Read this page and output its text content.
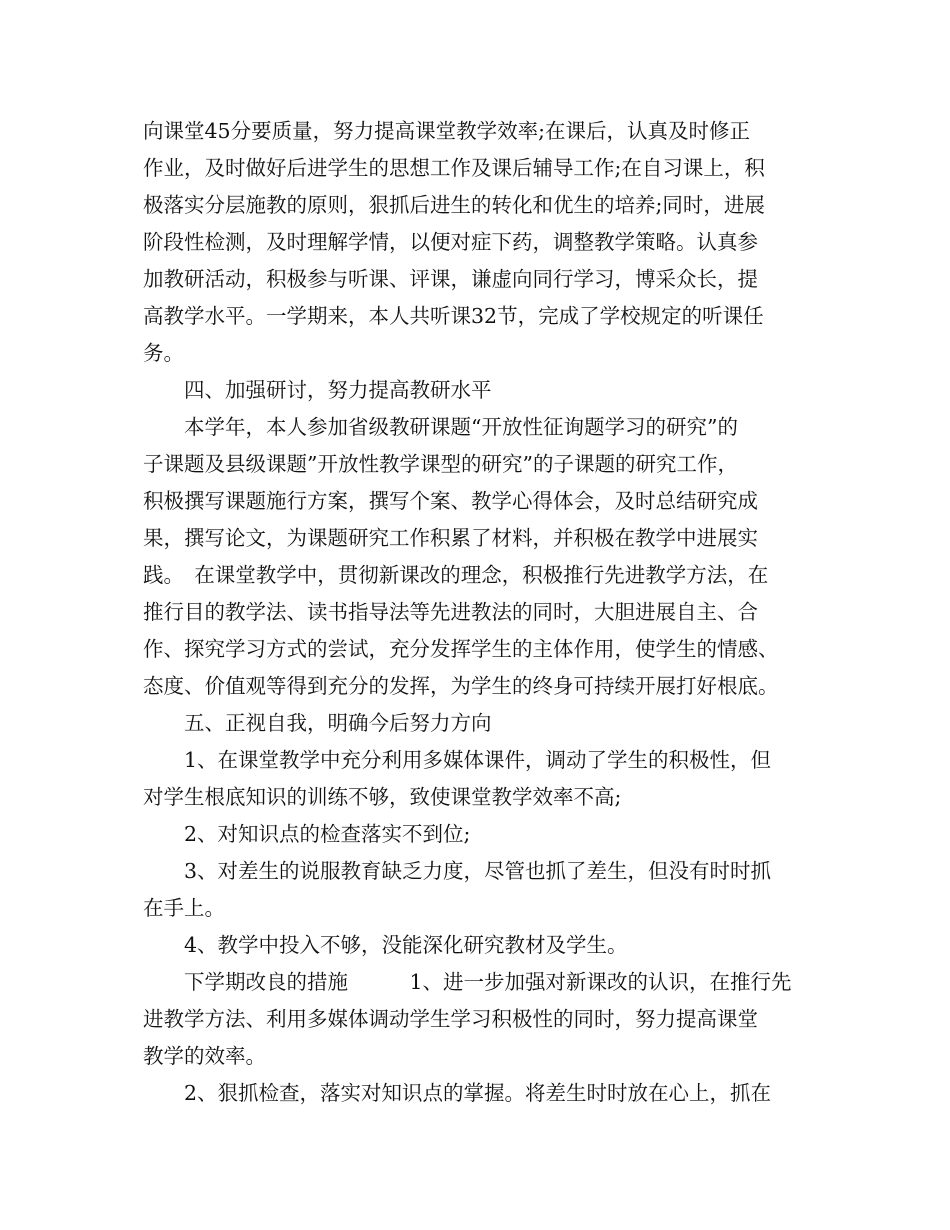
向课堂45分要质量，努力提高课堂教学效率;在课后，认真及时修正
作业，及时做好后进学生的思想工作及课后辅导工作;在自习课上，积
极落实分层施教的原则，狠抓后进生的转化和优生的培养;同时，进展
阶段性检测，及时理解学情，以便对症下药，调整教学策略。认真参
加教研活动，积极参与听课、评课，谦虚向同行学习，博采众长，提
高教学水平。一学期来，本人共听课32节，完成了学校规定的听课任
务。
　　四、加强研讨，努力提高教研水平
　　本学年，本人参加省级教研课题“开放性征询题学习的研究”的
子课题及县级课题”开放性教学课型的研究”的子课题的研究工作，
积极撰写课题施行方案，撰写个案、教学心得体会，及时总结研究成
果，撰写论文，为课题研究工作积累了材料，并积极在教学中进展实
践。　在课堂教学中，贯彻新课改的理念，积极推行先进教学方法，在
推行目的教学法、读书指导法等先进教法的同时，大胆进展自主、合
作、探究学习方式的尝试，充分发挥学生的主体作用，使学生的情感、
态度、价值观等得到充分的发挥，为学生的终身可持续开展打好根底。
　　五、正视自我，明确今后努力方向
　　1、在课堂教学中充分利用多媒体课件，调动了学生的积极性，但
对学生根底知识的训练不够，致使课堂教学效率不高;
　　2、对知识点的检查落实不到位;
　　3、对差生的说服教育缺乏力度，尽管也抓了差生，但没有时时抓
在手上。
　　4、教学中投入不够，没能深化研究教材及学生。
　　下学期改良的措施　　　1、进一步加强对新课改的认识，在推行先
进教学方法、利用多媒体调动学生学习积极性的同时，努力提高课堂
教学的效率。
　　2、狠抓检查，落实对知识点的掌握。将差生时时放在心上，抓在
